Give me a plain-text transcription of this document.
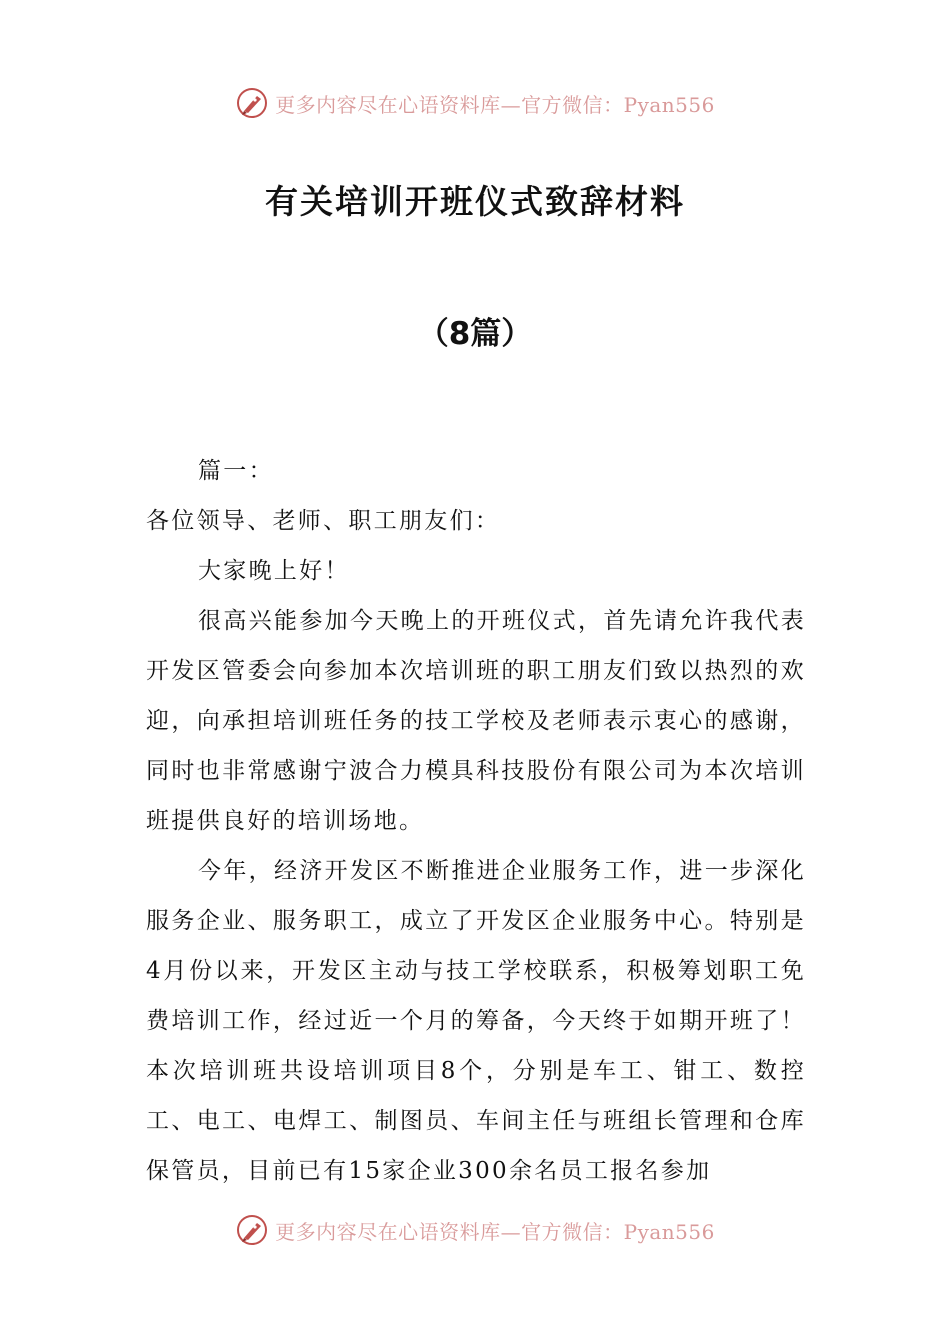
更多内容尽在心语资料库—官方微信：Pyan556
有关培训开班仪式致辞材料
（8篇）

篇一：

各位领导、老师、职工朋友们：

大家晚上好！

很高兴能参加今天晚上的开班仪式，首先请允许我代表开发区管委会向参加本次培训班的职工朋友们致以热烈的欢迎，向承担培训班任务的技工学校及老师表示衷心的感谢，同时也非常感谢宁波合力模具科技股份有限公司为本次培训班提供良好的培训场地。

今年，经济开发区不断推进企业服务工作，进一步深化服务企业、服务职工，成立了开发区企业服务中心。特别是4月份以来，开发区主动与技工学校联系，积极筹划职工免费培训工作，经过近一个月的筹备，今天终于如期开班了！本次培训班共设培训项目8个，分别是车工、钳工、数控工、电工、电焊工、制图员、车间主任与班组长管理和仓库保管员，目前已有15家企业300余名员工报名参加

更多内容尽在心语资料库—官方微信：Pyan556
